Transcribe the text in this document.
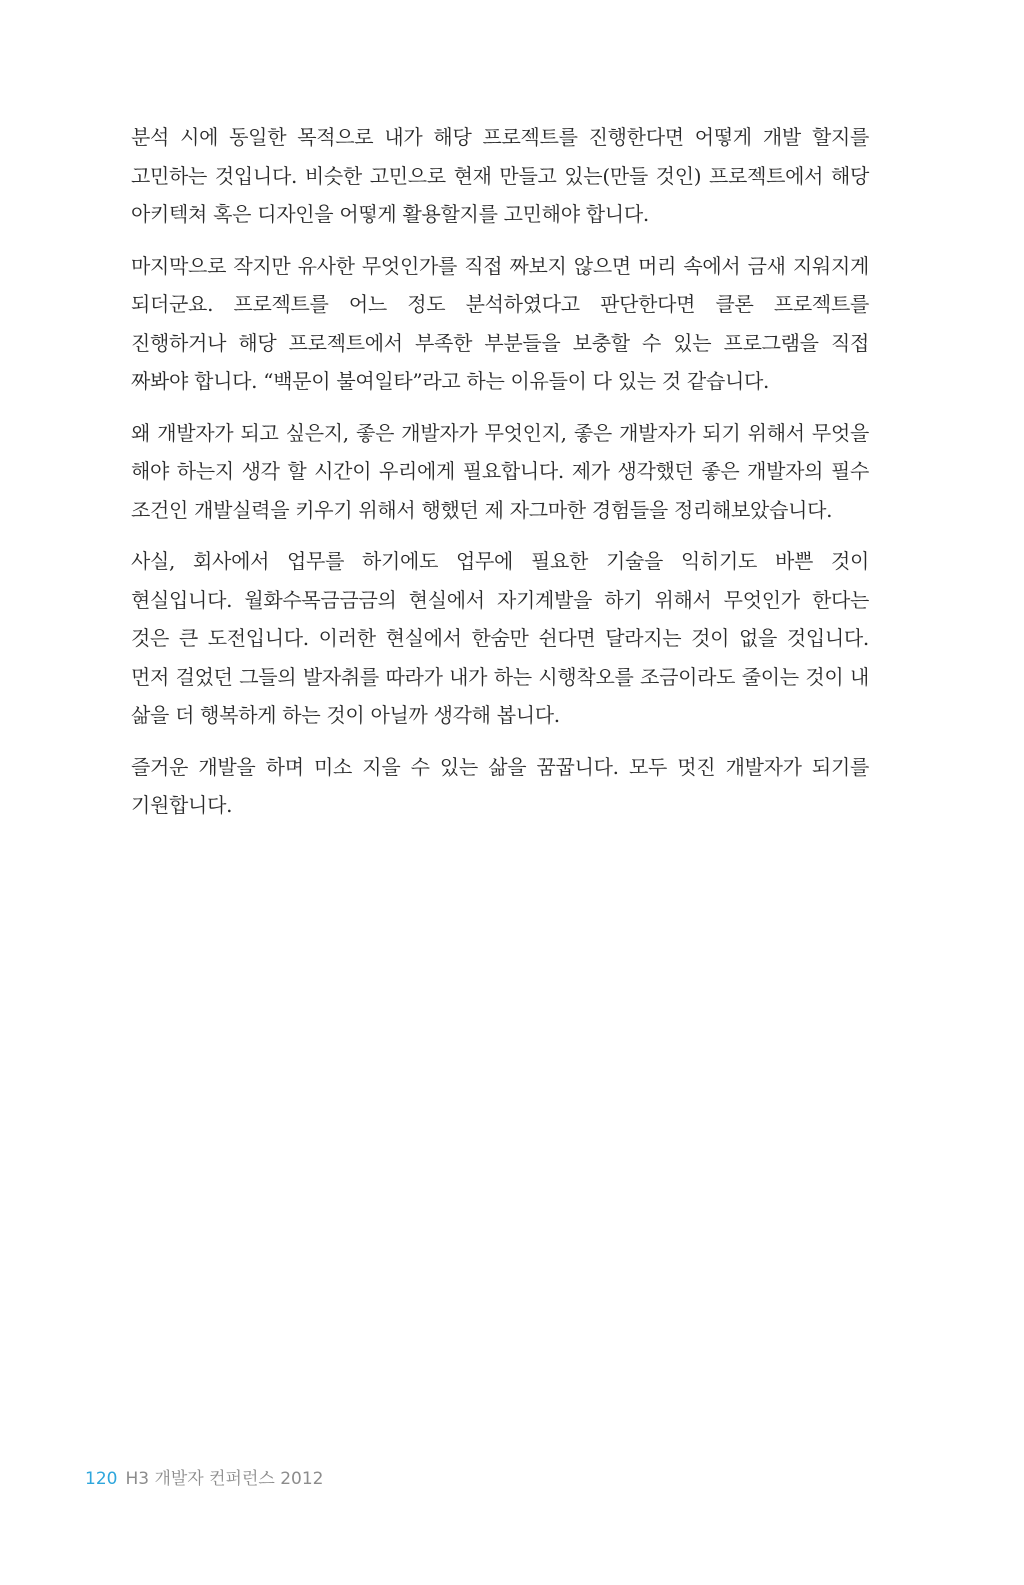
분석 시에 동일한 목적으로 내가 해당 프로젝트를 진행한다면 어떻게 개발 할지를 고민하는 것입니다. 비슷한 고민으로 현재 만들고 있는(만들 것인) 프로젝트에서 해당 아키텍쳐 혹은 디자인을 어떻게 활용할지를 고민해야 합니다.

마지막으로 작지만 유사한 무엇인가를 직접 짜보지 않으면 머리 속에서 금새 지워지게 되더군요. 프로젝트를 어느 정도 분석하였다고 판단한다면 클론 프로젝트를 진행하거나 해당 프로젝트에서 부족한 부분들을 보충할 수 있는 프로그램을 직접 짜봐야 합니다. “백문이 불여일타”라고 하는 이유들이 다 있는 것 같습니다.

왜 개발자가 되고 싶은지, 좋은 개발자가 무엇인지, 좋은 개발자가 되기 위해서 무엇을 해야 하는지 생각 할 시간이 우리에게 필요합니다. 제가 생각했던 좋은 개발자의 필수 조건인 개발실력을 키우기 위해서 행했던 제 자그마한 경험들을 정리해보았습니다.

사실, 회사에서 업무를 하기에도 업무에 필요한 기술을 익히기도 바쁜 것이 현실입니다. 월화수목금금금의 현실에서 자기계발을 하기 위해서 무엇인가 한다는 것은 큰 도전입니다. 이러한 현실에서 한숨만 쉰다면 달라지는 것이 없을 것입니다. 먼저 걸었던 그들의 발자취를 따라가 내가 하는 시행착오를 조금이라도 줄이는 것이 내 삶을 더 행복하게 하는 것이 아닐까 생각해 봅니다.

즐거운 개발을 하며 미소 지을 수 있는 삶을 꿈꿉니다. 모두 멋진 개발자가 되기를 기원합니다.

120 H3 개발자 컨퍼런스 2012
